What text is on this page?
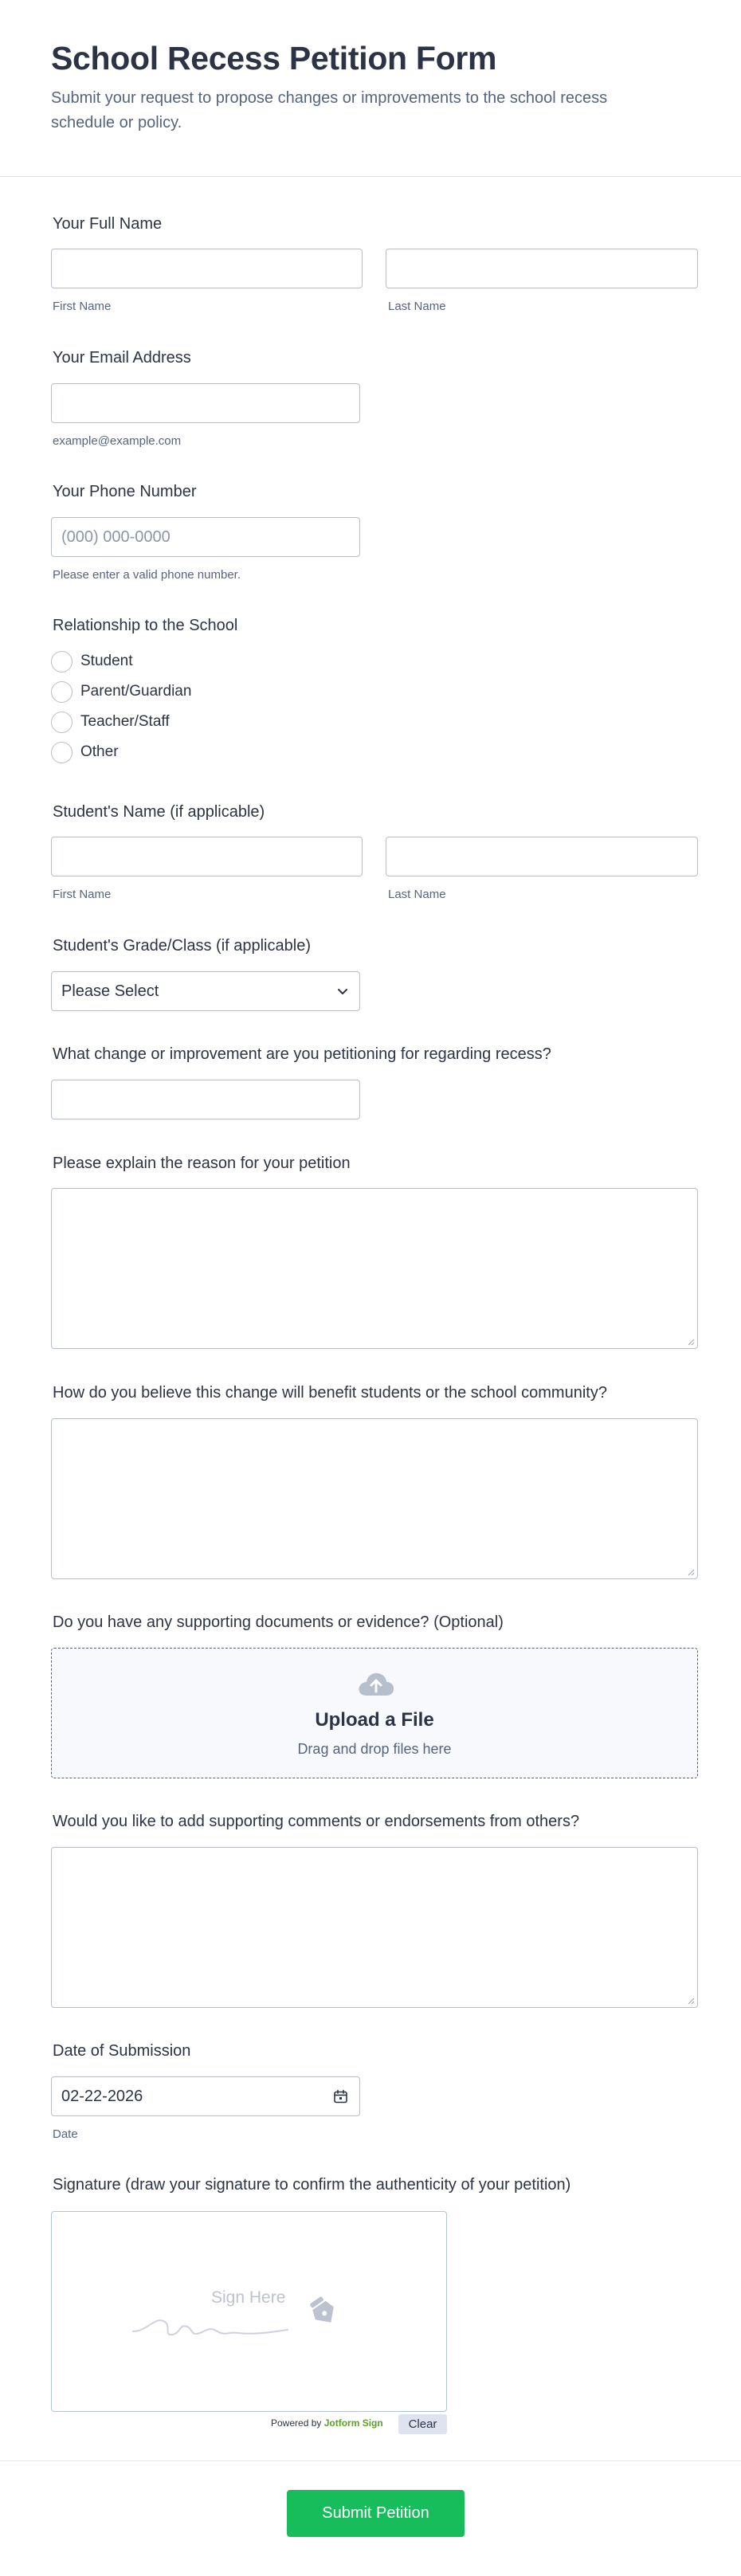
School Recess Petition Form

Submit your request to propose changes or improvements to the school recess schedule or policy.

Your Full Name
First Name	Last Name
Your Email Address
example@example.com
Your Phone Number
(000) 000-0000
Please enter a valid phone number.
Relationship to the School
Student
Parent/Guardian
Teacher/Staff
Other
Student's Name (if applicable)
First Name	Last Name
Student's Grade/Class (if applicable)
Please Select
What change or improvement are you petitioning for regarding recess?
Please explain the reason for your petition
How do you believe this change will benefit students or the school community?
Do you have any supporting documents or evidence? (Optional)
Upload a File
Drag and drop files here
Would you like to add supporting comments or endorsements from others?
Date of Submission
02-22-2026
Date
Signature (draw your signature to confirm the authenticity of your petition)
Sign Here
Powered by Jotform Sign	Clear
Submit Petition
